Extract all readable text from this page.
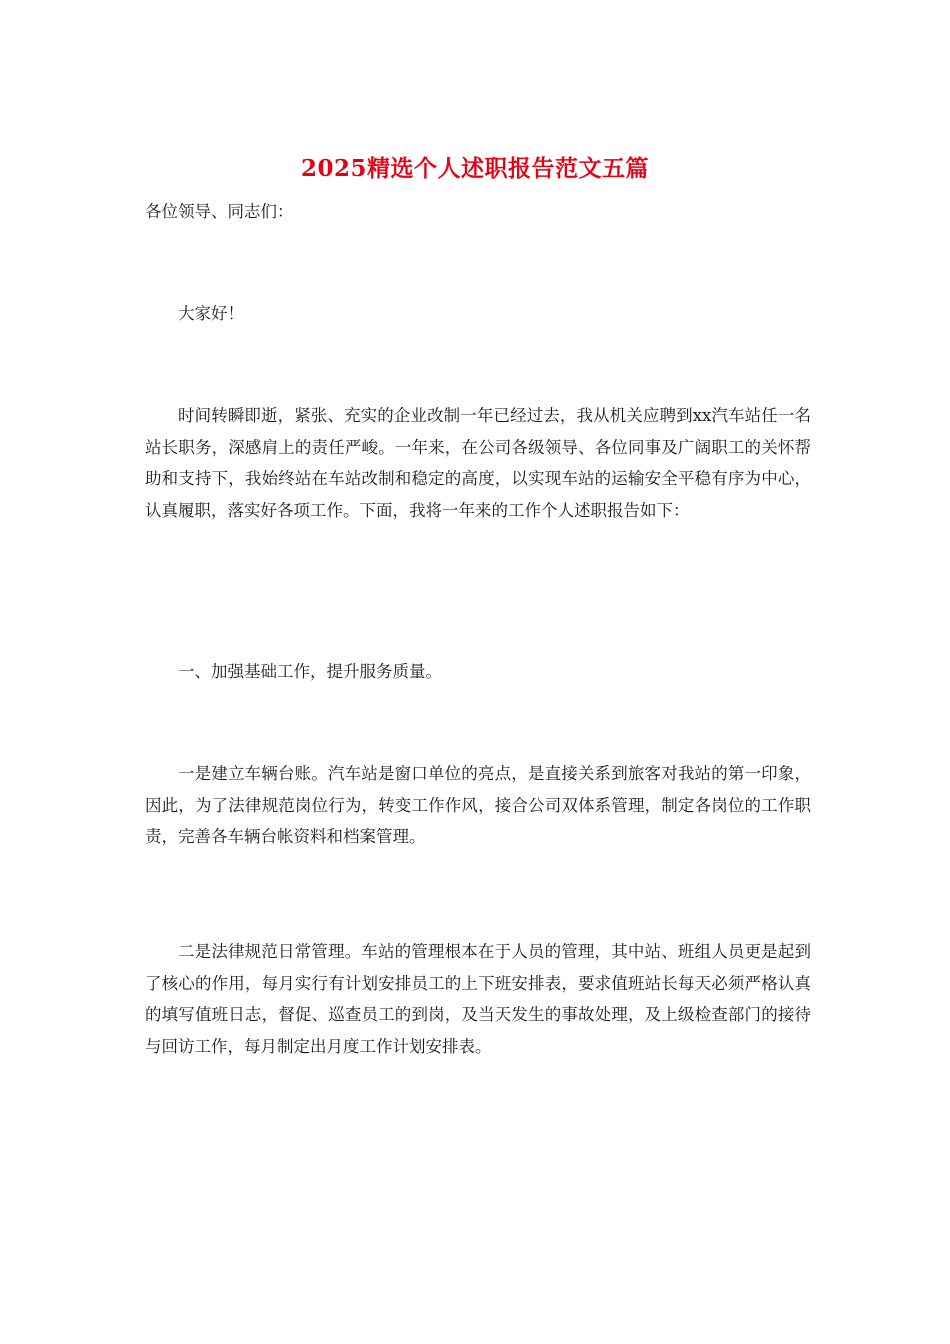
2025精选个人述职报告范文五篇

各位领导、同志们：

大家好！

时间转瞬即逝，紧张、充实的企业改制一年已经过去，我从机关应聘到xx汽车站任一名站长职务，深感肩上的责任严峻。一年来，在公司各级领导、各位同事及广阔职工的关怀帮助和支持下，我始终站在车站改制和稳定的高度，以实现车站的运输安全平稳有序为中心，认真履职，落实好各项工作。下面，我将一年来的工作个人述职报告如下：

一、加强基础工作，提升服务质量。

一是建立车辆台账。汽车站是窗口单位的亮点，是直接关系到旅客对我站的第一印象，因此，为了法律规范岗位行为，转变工作作风，接合公司双体系管理，制定各岗位的工作职责，完善各车辆台帐资料和档案管理。

二是法律规范日常管理。车站的管理根本在于人员的管理，其中站、班组人员更是起到了核心的作用，每月实行有计划安排员工的上下班安排表，要求值班站长每天必须严格认真的填写值班日志，督促、巡查员工的到岗，及当天发生的事故处理，及上级检查部门的接待与回访工作，每月制定出月度工作计划安排表。
